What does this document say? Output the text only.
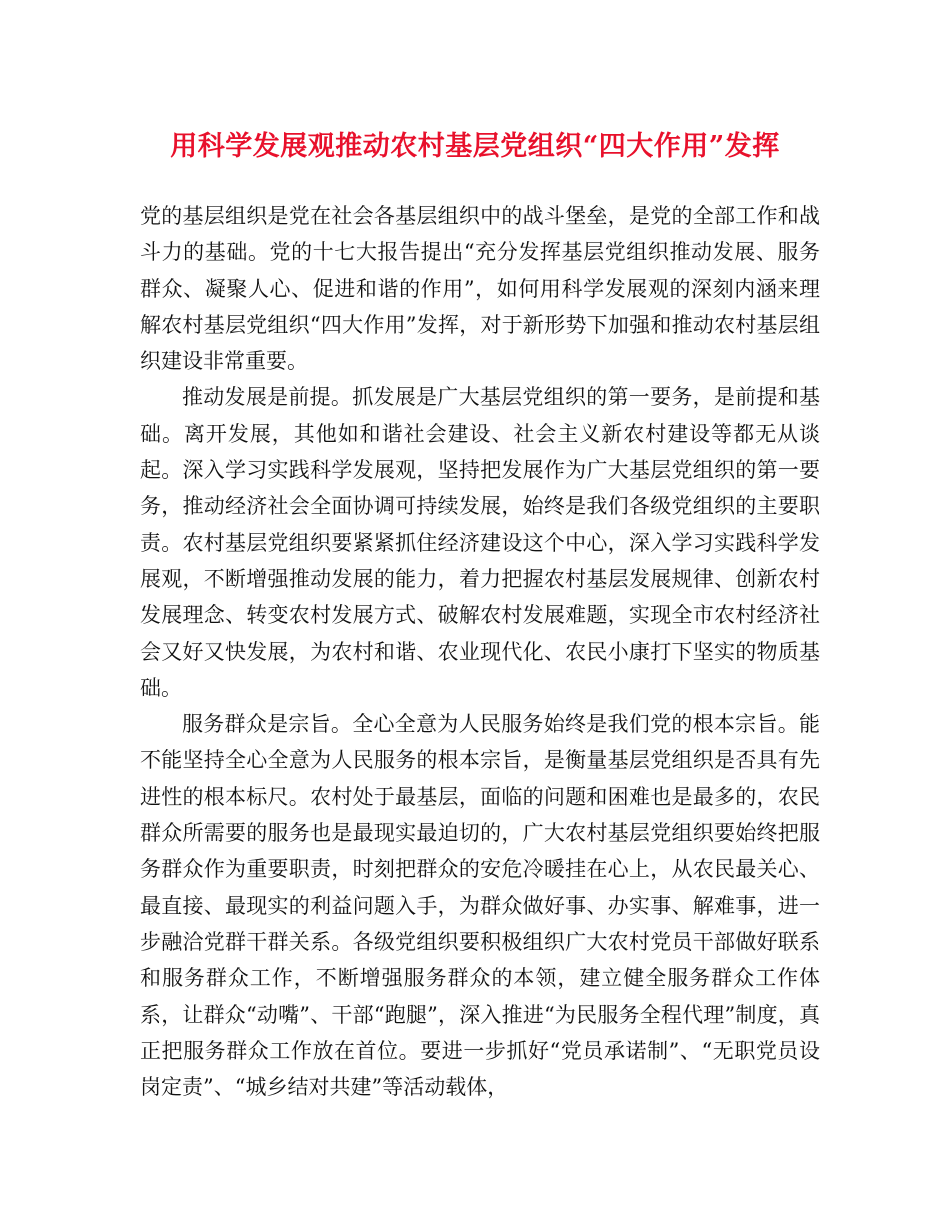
用科学发展观推动农村基层党组织“四大作用”发挥

党的基层组织是党在社会各基层组织中的战斗堡垒，是党的全部工作和战斗力的基础。党的十七大报告提出“充分发挥基层党组织推动发展、服务群众、凝聚人心、促进和谐的作用”，如何用科学发展观的深刻内涵来理解农村基层党组织“四大作用”发挥，对于新形势下加强和推动农村基层组织建设非常重要。

推动发展是前提。抓发展是广大基层党组织的第一要务，是前提和基础。离开发展，其他如和谐社会建设、社会主义新农村建设等都无从谈起。深入学习实践科学发展观，坚持把发展作为广大基层党组织的第一要务，推动经济社会全面协调可持续发展，始终是我们各级党组织的主要职责。农村基层党组织要紧紧抓住经济建设这个中心，深入学习实践科学发展观，不断增强推动发展的能力，着力把握农村基层发展规律、创新农村发展理念、转变农村发展方式、破解农村发展难题，实现全市农村经济社会又好又快发展，为农村和谐、农业现代化、农民小康打下坚实的物质基础。

服务群众是宗旨。全心全意为人民服务始终是我们党的根本宗旨。能不能坚持全心全意为人民服务的根本宗旨，是衡量基层党组织是否具有先进性的根本标尺。农村处于最基层，面临的问题和困难也是最多的，农民群众所需要的服务也是最现实最迫切的，广大农村基层党组织要始终把服务群众作为重要职责，时刻把群众的安危冷暖挂在心上，从农民最关心、最直接、最现实的利益问题入手，为群众做好事、办实事、解难事，进一步融洽党群干群关系。各级党组织要积极组织广大农村党员干部做好联系和服务群众工作，不断增强服务群众的本领，建立健全服务群众工作体系，让群众“动嘴”、干部“跑腿”，深入推进“为民服务全程代理”制度，真正把服务群众工作放在首位。要进一步抓好“党员承诺制”、“无职党员设岗定责”、“城乡结对共建”等活动载体，
